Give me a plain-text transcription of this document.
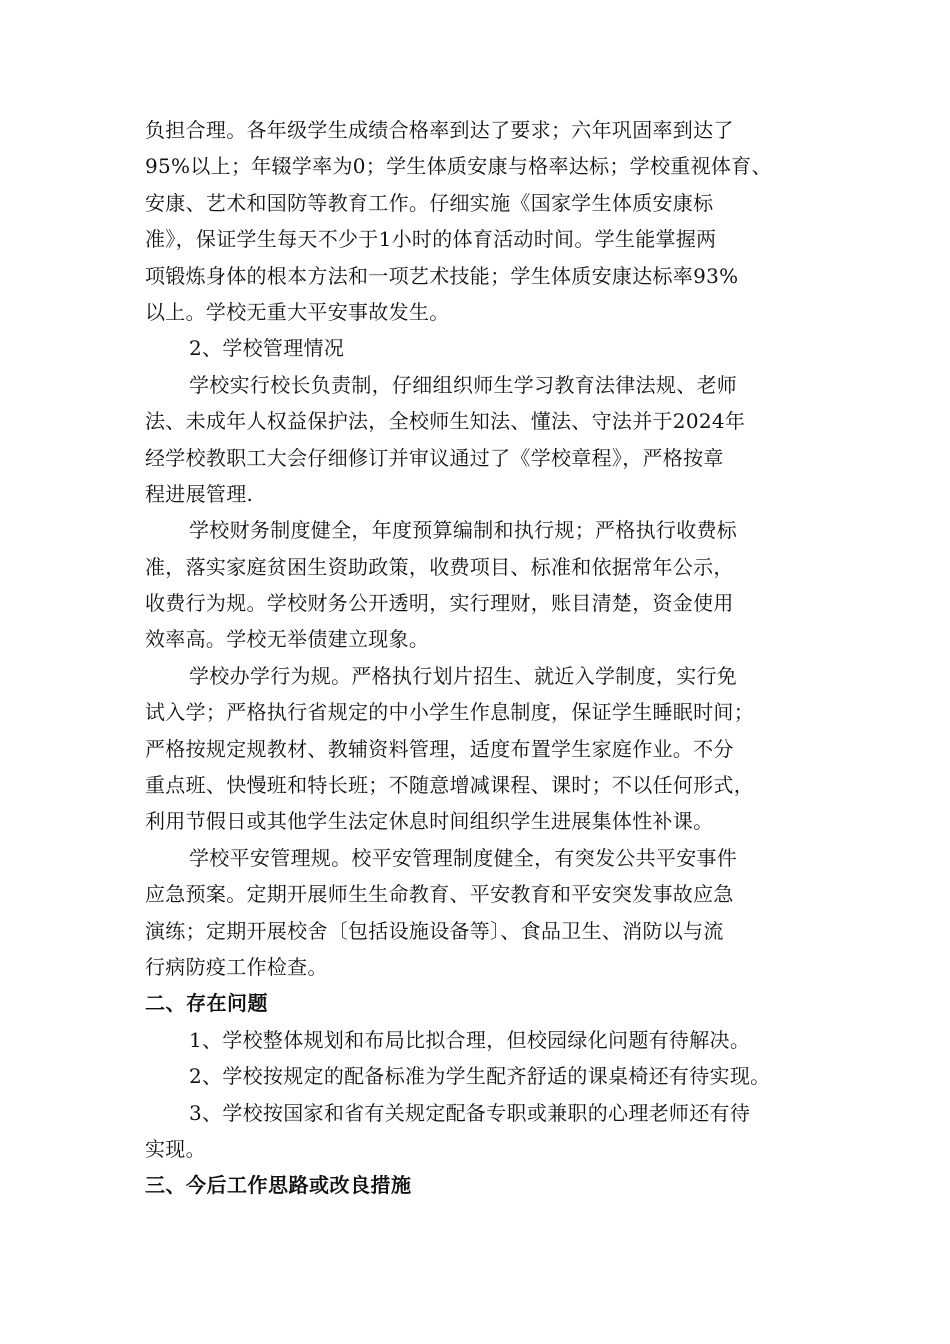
负担合理。各年级学生成绩合格率到达了要求；六年巩固率到达了
95%以上；年辍学率为0；学生体质安康与格率达标；学校重视体育、
安康、艺术和国防等教育工作。仔细实施《国家学生体质安康标
准》，保证学生每天不少于1小时的体育活动时间。学生能掌握两
项锻炼身体的根本方法和一项艺术技能；学生体质安康达标率93%
以上。学校无重大平安事故发生。
2、学校管理情况
学校实行校长负责制，仔细组织师生学习教育法律法规、老师
法、未成年人权益保护法，全校师生知法、懂法、守法并于2024年
经学校教职工大会仔细修订并审议通过了《学校章程》，严格按章
程进展管理.
学校财务制度健全，年度预算编制和执行规；严格执行收费标
准，落实家庭贫困生资助政策，收费项目、标准和依据常年公示，
收费行为规。学校财务公开透明，实行理财，账目清楚，资金使用
效率高。学校无举债建立现象。
学校办学行为规。严格执行划片招生、就近入学制度，实行免
试入学；严格执行省规定的中小学生作息制度，保证学生睡眠时间；
严格按规定规教材、教辅资料管理，适度布置学生家庭作业。不分
重点班、快慢班和特长班；不随意增减课程、课时；不以任何形式，
利用节假日或其他学生法定休息时间组织学生进展集体性补课。
学校平安管理规。校平安管理制度健全，有突发公共平安事件
应急预案。定期开展师生生命教育、平安教育和平安突发事故应急
演练；定期开展校舍〔包括设施设备等〕、食品卫生、消防以与流
行病防疫工作检查。
二、存在问题
1、学校整体规划和布局比拟合理，但校园绿化问题有待解决。
2、学校按规定的配备标准为学生配齐舒适的课桌椅还有待实现。
3、学校按国家和省有关规定配备专职或兼职的心理老师还有待
实现。
三、今后工作思路或改良措施
